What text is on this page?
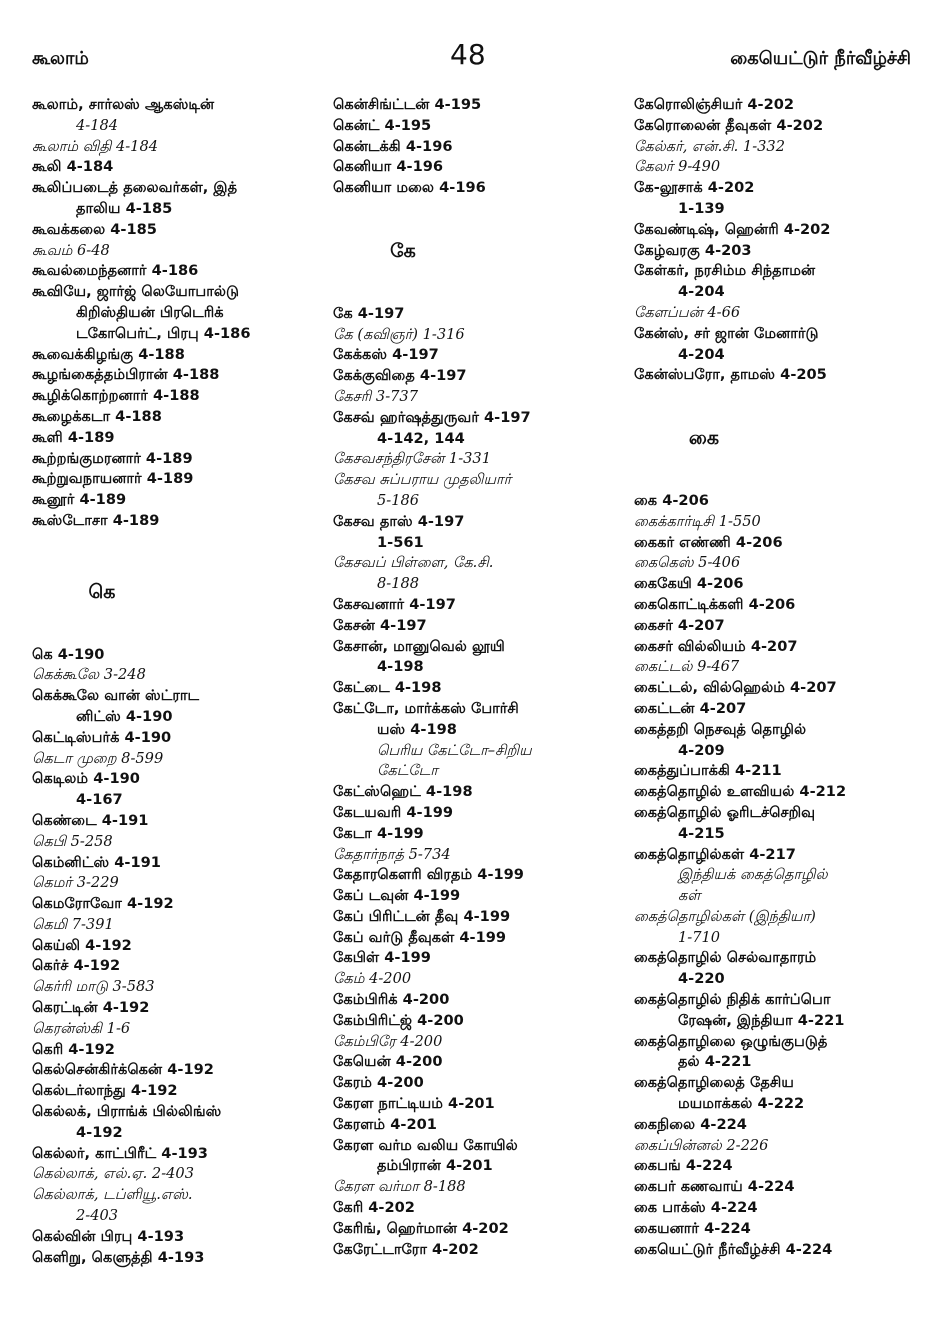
கூலாம்	48	கையெட்டுர் நீர்வீழ்ச்சி
கூலாம், சார்லஸ் ஆகஸ்டின்
4-184
கூலாம் விதி 4-184
கூலி 4-184
கூலிப்படைத் தலைவர்கள், இத்
தாலிய 4-185
கூவக்கலை 4-185
கூவம் 6-48
கூவல்மைந்தனார் 4-186
கூவியே, ஜார்ஜ் லெயோபால்டு
கிறிஸ்தியன் பிரடெரிக்
டகோபெர்ட், பிரபு 4-186
கூவைக்கிழங்கு 4-188
கூழங்கைத்தம்பிரான் 4-188
கூழிக்கொற்றனார் 4-188
கூழைக்கடா 4-188
கூளி 4-189
கூற்றங்குமரனார் 4-189
கூற்றுவநாயனார் 4-189
கூனூர் 4-189
கூஸ்டோசா 4-189
கெ
கெ 4-190
கெக்கூலே 3-248
கெக்கூலே வான் ஸ்ட்ராட
னிட்ஸ் 4-190
கெட்டிஸ்பர்க் 4-190
கெடா முறை 8-599
கெடிலம் 4-190
4-167
கெண்டை 4-191
கெபி 5-258
கெம்னிட்ஸ் 4-191
கெமர் 3-229
கெமரோவோ 4-192
கெமி 7-391
கெய்லி 4-192
கெர்ச் 4-192
கெர்ரி மாடு 3-583
கெரட்டின் 4-192
கெரன்ஸ்கி 1-6
கெரி 4-192
கெல்சென்கிர்க்கென் 4-192
கெல்டர்லாந்து 4-192
கெல்லக், பிராங்க் பில்லிங்ஸ்
4-192
கெல்லர், காட்பிரீட் 4-193
கெல்லாக், எல்.ஏ. 2-403
கெல்லாக், டப்ளியூ.எஸ்.
2-403
கெல்வின் பிரபு 4-193
கெளிறு, கெளுத்தி 4-193
கென்சிங்ட்டன் 4-195
கென்ட் 4-195
கென்டக்கி 4-196
கெனியா 4-196
கெனியா மலை 4-196
கே
கே 4-197
கே (கவிஞர்) 1-316
கேக்கஸ் 4-197
கேக்குவிதை 4-197
கேசரி 3-737
கேசவ் ஹர்ஷத்துருவர் 4-197
4-142, 144
கேசவசந்திரசேன் 1-331
கேசவ சுப்பராய முதலியார்
5-186
கேசவ தாஸ் 4-197
1-561
கேசவப் பிள்ளை, கே.சி.
8-188
கேசவனார் 4-197
கேசன் 4-197
கேசான், மானுவெல் லூயி
4-198
கேட்டை 4-198
கேட்டோ, மார்க்கஸ் போர்சி
யஸ் 4-198
பெரிய கேட்டோ–சிறிய
கேட்டோ
கேட்ஸ்ஹெட் 4-198
கேடயவரி 4-199
கேடா 4-199
கேதார்நாத் 5-734
கேதாரகௌரி விரதம் 4-199
கேப் டவுன் 4-199
கேப் பிரிட்டன் தீவு 4-199
கேப் வர்டு தீவுகள் 4-199
கேபிள் 4-199
கேம் 4-200
கேம்பிரிக் 4-200
கேம்பிரிட்ஜ் 4-200
கேம்பிரே 4-200
கேயென் 4-200
கேரம் 4-200
கேரள நாட்டியம் 4-201
கேரளம் 4-201
கேரள வர்ம வலிய கோயில்
தம்பிரான் 4-201
கேரள வர்மா 8-188
கேரி 4-202
கேரிங், ஹெர்மான் 4-202
கேரேட்டாரோ 4-202
கேரொலிஞ்சியர் 4-202
கேரொலைன் தீவுகள் 4-202
கேல்கர், என்.சி. 1-332
கேலர் 9-490
கே-லூசாக் 4-202
1-139
கேவண்டிஷ், ஹென்ரி 4-202
கேழ்வரகு 4-203
கேள்கர், நரசிம்ம சிந்தாமன்
4-204
கேளப்பன் 4-66
கேன்ஸ், சர் ஜான் மேனார்டு
4-204
கேன்ஸ்பரோ, தாமஸ் 4-205
கை
கை 4-206
கைக்கார்டிசி 1-550
கைகர் எண்ணி 4-206
கைகெஸ் 5-406
கைகேயி 4-206
கைகொட்டிக்களி 4-206
கைசர் 4-207
கைசர் வில்லியம் 4-207
கைட்டல் 9-467
கைட்டல், வில்ஹெல்ம் 4-207
கைட்டன் 4-207
கைத்தறி நெசவுத் தொழில்
4-209
கைத்துப்பாக்கி 4-211
கைத்தொழில் உளவியல் 4-212
கைத்தொழில் ஓரிடச்செறிவு
4-215
கைத்தொழில்கள் 4-217
இந்தியக் கைத்தொழில்
கள்
கைத்தொழில்கள் (இந்தியா)
1-710
கைத்தொழில் செல்வாதாரம்
4-220
கைத்தொழில் நிதிக் கார்ப்பொ
ரேஷன், இந்தியா 4-221
கைத்தொழிலை ஒழுங்குபடுத்
தல் 4-221
கைத்தொழிலைத் தேசிய
மயமாக்கல் 4-222
கைநிலை 4-224
கைப்பின்னல் 2-226
கைபங் 4-224
கைபர் கணவாய் 4-224
கை பாக்ஸ் 4-224
கையனார் 4-224
கையெட்டுர் நீர்வீழ்ச்சி 4-224
